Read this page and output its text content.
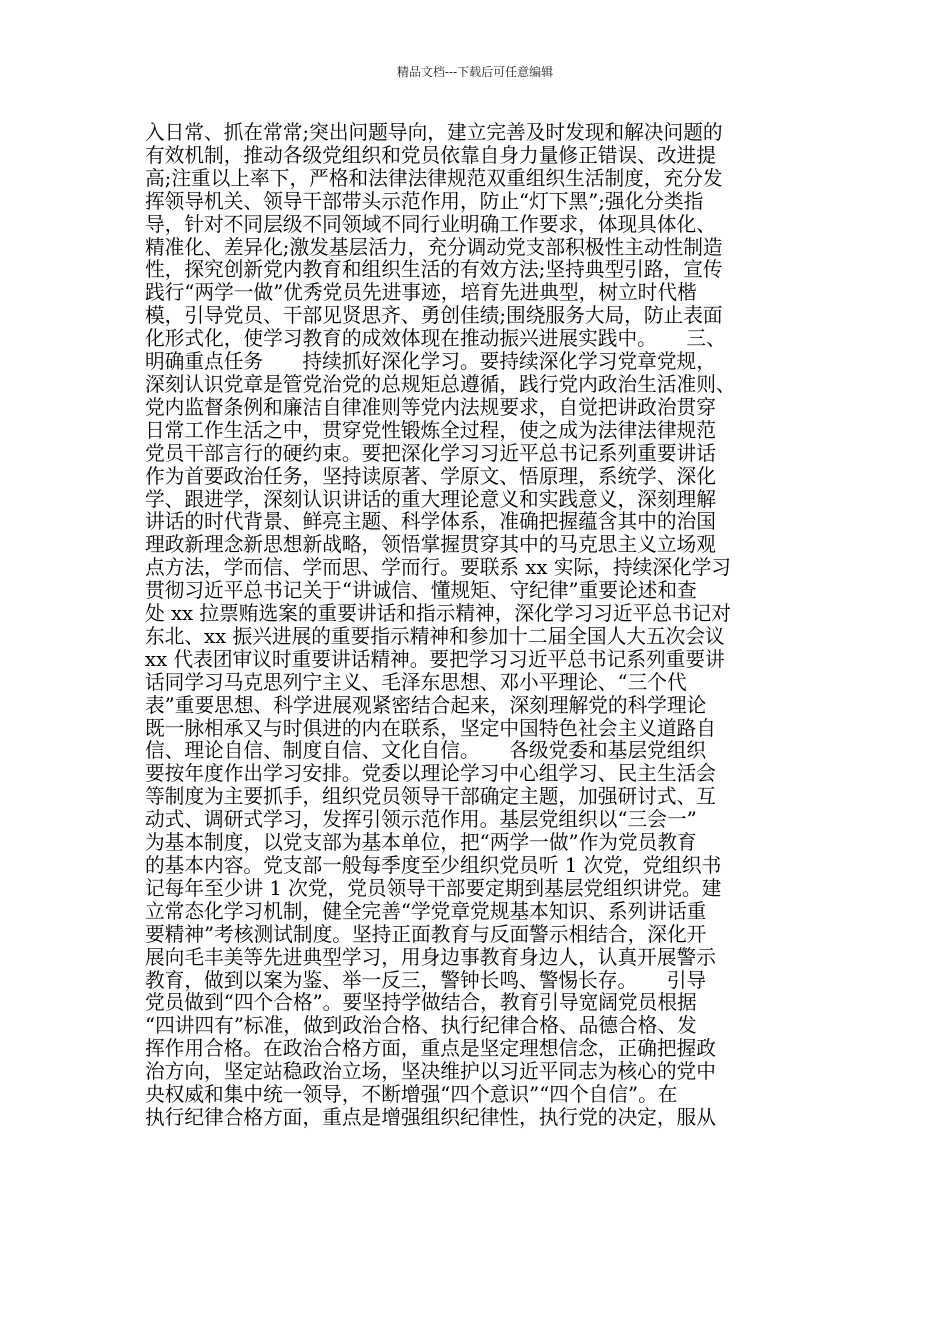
精品文档---下载后可任意编辑
入日常、抓在常常;突出问题导向，建立完善及时发现和解决问题的
有效机制，推动各级党组织和党员依靠自身力量修正错误、改进提
高;注重以上率下，严格和法律法律规范双重组织生活制度，充分发
挥领导机关、领导干部带头示范作用，防止“灯下黑”;强化分类指
导，针对不同层级不同领域不同行业明确工作要求，体现具体化、
精准化、差异化;激发基层活力，充分调动党支部积极性主动性制造
性，探究创新党内教育和组织生活的有效方法;坚持典型引路，宣传
践行“两学一做”优秀党员先进事迹，培育先进典型，树立时代楷
模，引导党员、干部见贤思齐、勇创佳绩;围绕服务大局，防止表面
化形式化，使学习教育的成效体现在推动振兴进展实践中。　　三、
明确重点任务　　持续抓好深化学习。要持续深化学习党章党规，
深刻认识党章是管党治党的总规矩总遵循，践行党内政治生活准则、
党内监督条例和廉洁自律准则等党内法规要求，自觉把讲政治贯穿
日常工作生活之中，贯穿党性锻炼全过程，使之成为法律法律规范
党员干部言行的硬约束。要把深化学习习近平总书记系列重要讲话
作为首要政治任务，坚持读原著、学原文、悟原理，系统学、深化
学、跟进学，深刻认识讲话的重大理论意义和实践意义，深刻理解
讲话的时代背景、鲜亮主题、科学体系，准确把握蕴含其中的治国
理政新理念新思想新战略，领悟掌握贯穿其中的马克思主义立场观
点方法，学而信、学而思、学而行。要联系 xx 实际，持续深化学习
贯彻习近平总书记关于“讲诚信、懂规矩、守纪律”重要论述和查
处 xx 拉票贿选案的重要讲话和指示精神，深化学习习近平总书记对
东北、xx 振兴进展的重要指示精神和参加十二届全国人大五次会议
xx 代表团审议时重要讲话精神。要把学习习近平总书记系列重要讲
话同学习马克思列宁主义、毛泽东思想、邓小平理论、“三个代
表”重要思想、科学进展观紧密结合起来，深刻理解党的科学理论
既一脉相承又与时俱进的内在联系，坚定中国特色社会主义道路自
信、理论自信、制度自信、文化自信。　　各级党委和基层党组织
要按年度作出学习安排。党委以理论学习中心组学习、民主生活会
等制度为主要抓手，组织党员领导干部确定主题，加强研讨式、互
动式、调研式学习，发挥引领示范作用。基层党组织以“三会一”
为基本制度，以党支部为基本单位，把“两学一做”作为党员教育
的基本内容。党支部一般每季度至少组织党员听 1 次党，党组织书
记每年至少讲 1 次党，党员领导干部要定期到基层党组织讲党。建
立常态化学习机制，健全完善“学党章党规基本知识、系列讲话重
要精神”考核测试制度。坚持正面教育与反面警示相结合，深化开
展向毛丰美等先进典型学习，用身边事教育身边人，认真开展警示
教育，做到以案为鉴、举一反三，警钟长鸣、警惕长存。　　引导
党员做到“四个合格”。要坚持学做结合，教育引导宽阔党员根据
“四讲四有”标准，做到政治合格、执行纪律合格、品德合格、发
挥作用合格。在政治合格方面，重点是坚定理想信念，正确把握政
治方向，坚定站稳政治立场，坚决维护以习近平同志为核心的党中
央权威和集中统一领导，不断增强“四个意识”“四个自信”。在
执行纪律合格方面，重点是增强组织纪律性，执行党的决定，服从
